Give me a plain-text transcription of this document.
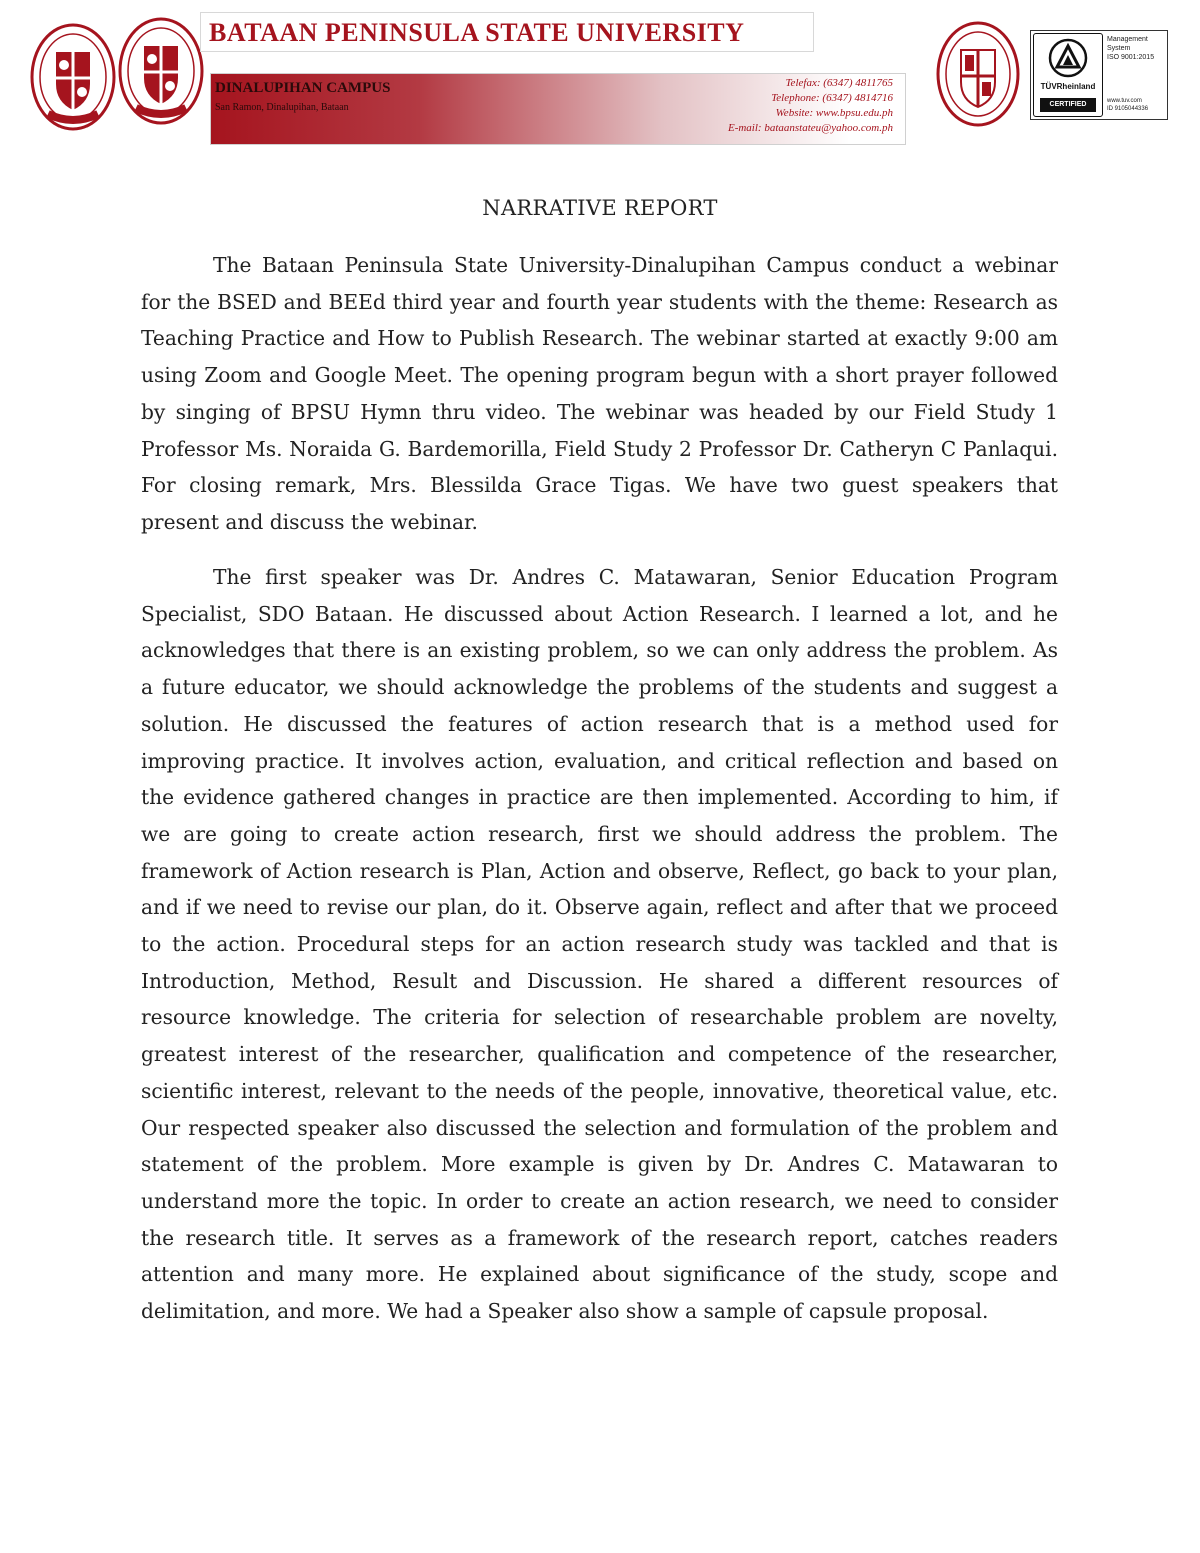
BATAAN PENINSULA STATE UNIVERSITY
DINALUPIHAN CAMPUS
San Ramon, Dinalupihan, Bataan
Telefax: (6347) 4811765
Telephone: (6347) 4814716
Website: www.bpsu.edu.ph
E-mail: bataanstateu@yahoo.com.ph
TÜVRheinland
CERTIFIED
Management
System
ISO 9001:2015
www.tuv.com
ID 9105044336
NARRATIVE REPORT

The Bataan Peninsula State University-Dinalupihan Campus conduct a webinar for the BSED and BEEd third year and fourth year students with the theme: Research as Teaching Practice and How to Publish Research. The webinar started at exactly 9:00 am using Zoom and Google Meet. The opening program begun with a short prayer followed by singing of BPSU Hymn thru video. The webinar was headed by our Field Study 1 Professor Ms. Noraida G. Bardemorilla, Field Study 2 Professor Dr. Catheryn C Panlaqui. For closing remark, Mrs. Blessilda Grace Tigas. We have two guest speakers that present and discuss the webinar.

The first speaker was Dr. Andres C. Matawaran, Senior Education Program Specialist, SDO Bataan. He discussed about Action Research. I learned a lot, and he acknowledges that there is an existing problem, so we can only address the problem. As a future educator, we should acknowledge the problems of the students and suggest a solution. He discussed the features of action research that is a method used for improving practice. It involves action, evaluation, and critical reflection and based on the evidence gathered changes in practice are then implemented. According to him, if we are going to create action research, first we should address the problem. The framework of Action research is Plan, Action and observe, Reflect, go back to your plan, and if we need to revise our plan, do it. Observe again, reflect and after that we proceed to the action. Procedural steps for an action research study was tackled and that is Introduction, Method, Result and Discussion. He shared a different resources of resource knowledge. The criteria for selection of researchable problem are novelty, greatest interest of the researcher, qualification and competence of the researcher, scientific interest, relevant to the needs of the people, innovative, theoretical value, etc. Our respected speaker also discussed the selection and formulation of the problem and statement of the problem. More example is given by Dr. Andres C. Matawaran to understand more the topic. In order to create an action research, we need to consider the research title. It serves as a framework of the research report, catches readers attention and many more. He explained about significance of the study, scope and delimitation, and more. We had a Speaker also show a sample of capsule proposal.
